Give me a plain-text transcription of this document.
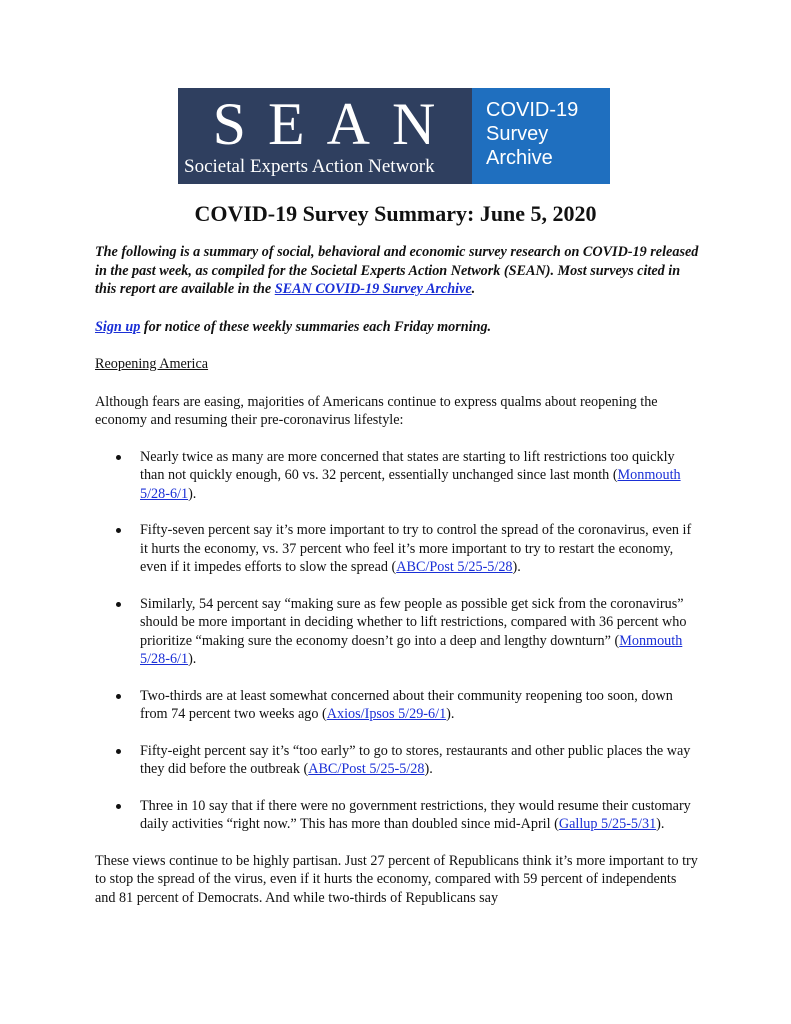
SEAN
Societal Experts Action Network
COVID-19
Survey
Archive
COVID-19 Survey Summary: June 5, 2020

The following is a summary of social, behavioral and economic survey research on COVID-19 released in the past week, as compiled for the Societal Experts Action Network (SEAN). Most surveys cited in this report are available in the SEAN COVID-19 Survey Archive.

Sign up for notice of these weekly summaries each Friday morning.

Reopening America

Although fears are easing, majorities of Americans continue to express qualms about reopening the economy and resuming their pre-coronavirus lifestyle:

Nearly twice as many are more concerned that states are starting to lift restrictions too quickly than not quickly enough, 60 vs. 32 percent, essentially unchanged since last month (Monmouth 5/28-6/1).
Fifty-seven percent say it’s more important to try to control the spread of the coronavirus, even if it hurts the economy, vs. 37 percent who feel it’s more important to try to restart the economy, even if it impedes efforts to slow the spread (ABC/Post 5/25-5/28).
Similarly, 54 percent say “making sure as few people as possible get sick from the coronavirus” should be more important in deciding whether to lift restrictions, compared with 36 percent who prioritize “making sure the economy doesn’t go into a deep and lengthy downturn” (Monmouth 5/28-6/1).
Two-thirds are at least somewhat concerned about their community reopening too soon, down from 74 percent two weeks ago (Axios/Ipsos 5/29-6/1).
Fifty-eight percent say it’s “too early” to go to stores, restaurants and other public places the way they did before the outbreak (ABC/Post 5/25-5/28).
Three in 10 say that if there were no government restrictions, they would resume their customary daily activities “right now.” This has more than doubled since mid-April (Gallup 5/25-5/31).

These views continue to be highly partisan. Just 27 percent of Republicans think it’s more important to try to stop the spread of the virus, even if it hurts the economy, compared with 59 percent of independents and 81 percent of Democrats. And while two-thirds of Republicans say
